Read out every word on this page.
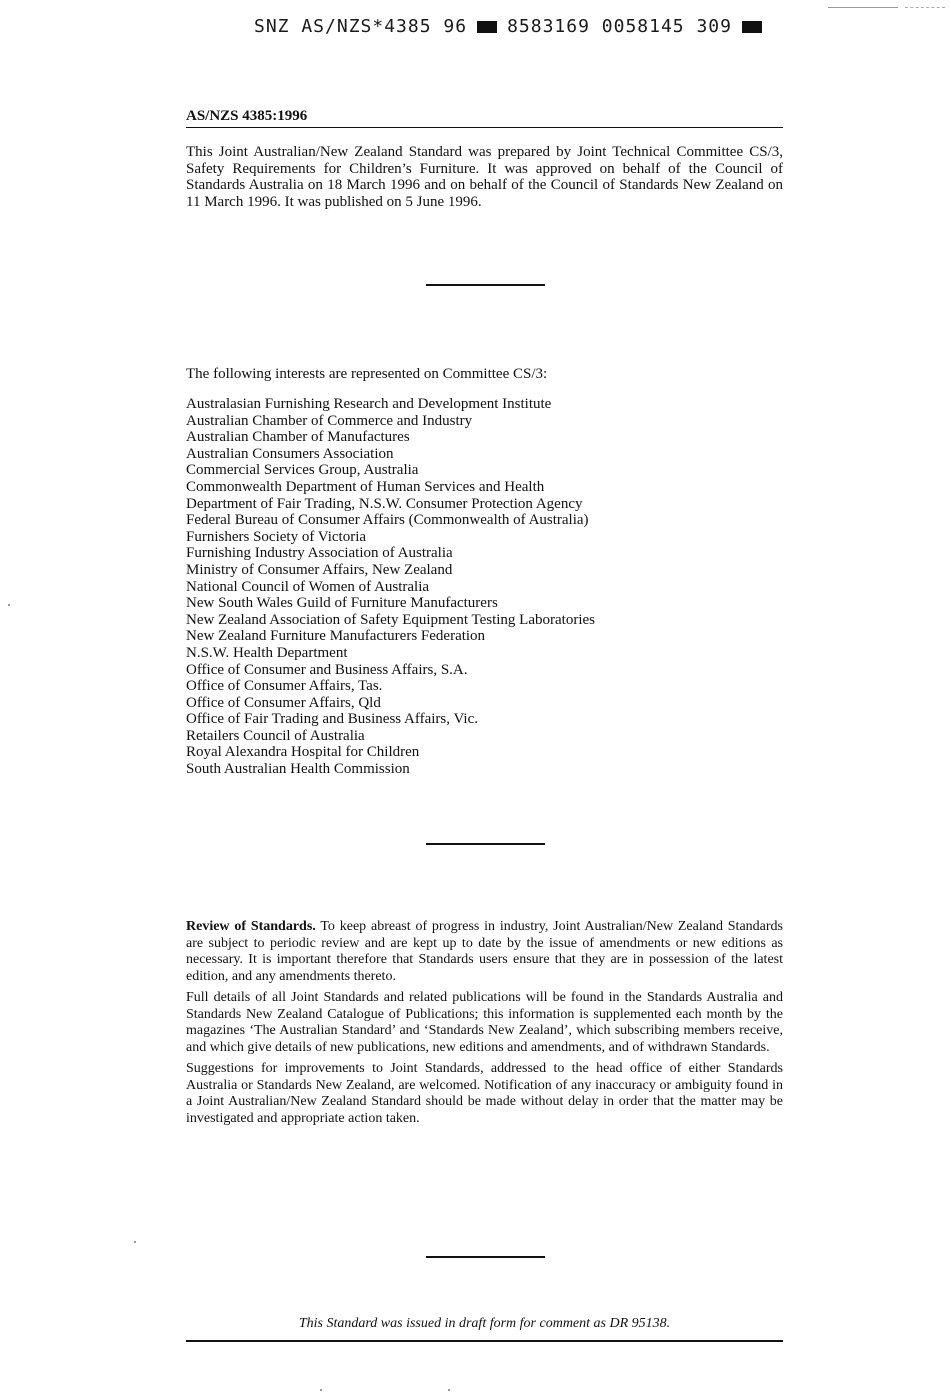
SNZ AS/NZS*4385 96 8583169 0058145 309
AS/NZS 4385:1996
This Joint Australian/New Zealand Standard was prepared by Joint Technical Committee CS/3, Safety Requirements for Children’s Furniture. It was approved on behalf of the Council of Standards Australia on 18 March 1996 and on behalf of the Council of Standards New Zealand on 11 March 1996. It was published on 5 June 1996.
The following interests are represented on Committee CS/3:
Australasian Furnishing Research and Development Institute
Australian Chamber of Commerce and Industry
Australian Chamber of Manufactures
Australian Consumers Association
Commercial Services Group, Australia
Commonwealth Department of Human Services and Health
Department of Fair Trading, N.S.W. Consumer Protection Agency
Federal Bureau of Consumer Affairs (Commonwealth of Australia)
Furnishers Society of Victoria
Furnishing Industry Association of Australia
Ministry of Consumer Affairs, New Zealand
National Council of Women of Australia
New South Wales Guild of Furniture Manufacturers
New Zealand Association of Safety Equipment Testing Laboratories
New Zealand Furniture Manufacturers Federation
N.S.W. Health Department
Office of Consumer and Business Affairs, S.A.
Office of Consumer Affairs, Tas.
Office of Consumer Affairs, Qld
Office of Fair Trading and Business Affairs, Vic.
Retailers Council of Australia
Royal Alexandra Hospital for Children
South Australian Health Commission

Review of Standards. To keep abreast of progress in industry, Joint Australian/New Zealand Standards are subject to periodic review and are kept up to date by the issue of amendments or new editions as necessary. It is important therefore that Standards users ensure that they are in possession of the latest edition, and any amendments thereto.

Full details of all Joint Standards and related publications will be found in the Standards Australia and Standards New Zealand Catalogue of Publications; this information is supplemented each month by the magazines ‘The Australian Standard’ and ‘Standards New Zealand’, which subscribing members receive, and which give details of new publications, new editions and amendments, and of withdrawn Standards.

Suggestions for improvements to Joint Standards, addressed to the head office of either Standards Australia or Standards New Zealand, are welcomed. Notification of any inaccuracy or ambiguity found in a Joint Australian/New Zealand Standard should be made without delay in order that the matter may be investigated and appropriate action taken.

This Standard was issued in draft form for comment as DR 95138.
